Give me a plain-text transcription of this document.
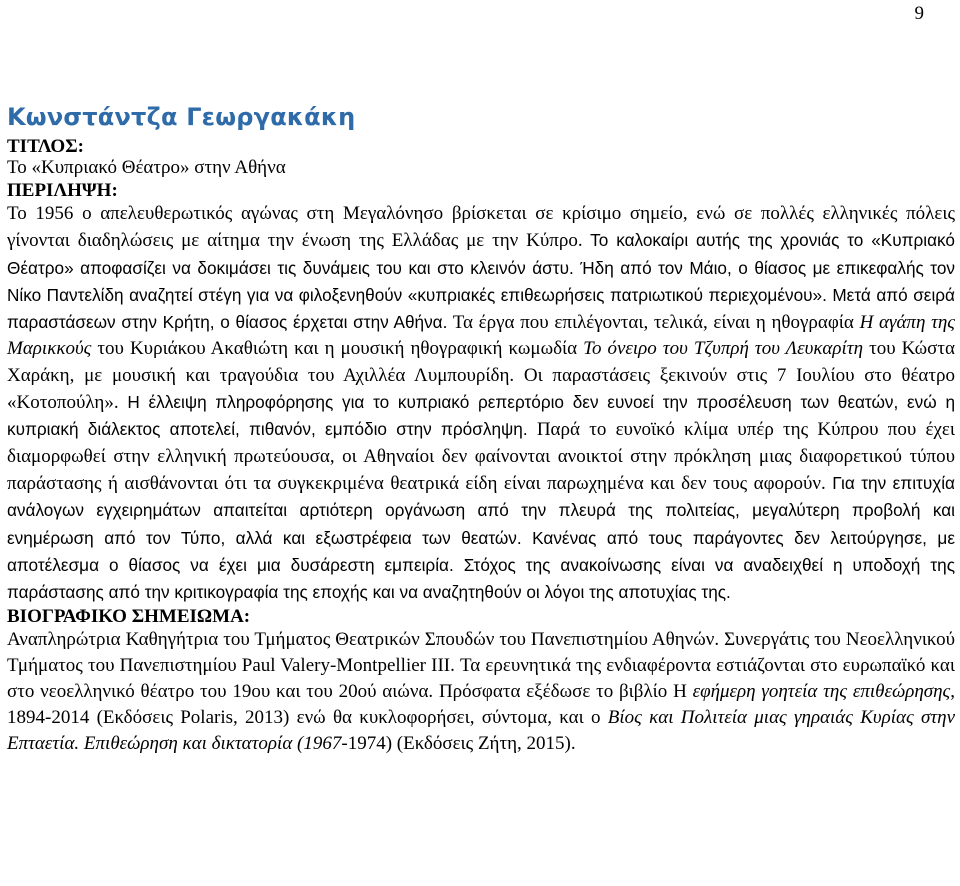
9
Κωνστάντζα Γεωργακάκη

ΤΙΤΛΟΣ:

Το «Κυπριακό Θέατρο» στην Αθήνα

ΠΕΡΙΛΗΨΗ:

Το 1956 ο απελευθερωτικός αγώνας στη Μεγαλόνησο βρίσκεται σε κρίσιμο σημείο, ενώ σε πολλές ελληνικές πόλεις γίνονται διαδηλώσεις με αίτημα την ένωση της Ελλάδας με την Κύπρο. Το καλοκαίρι αυτής της χρονιάς το «Κυπριακό Θέατρο» αποφασίζει να δοκιμάσει τις δυνάμεις του και στο κλεινόν άστυ. Ήδη από τον Μάιο, ο θίασος με επικεφαλής τον Νίκο Παντελίδη αναζητεί στέγη για να φιλοξενηθούν «κυπριακές επιθεωρήσεις πατριωτικού περιεχομένου». Μετά από σειρά παραστάσεων στην Κρήτη, ο θίασος έρχεται στην Αθήνα. Τα έργα που επιλέγονται, τελικά, είναι η ηθογραφία Η αγάπη της Μαρικκούς του Κυριάκου Ακαθιώτη και η μουσική ηθογραφική κωμωδία Το όνειρο του Τζυπρή του Λευκαρίτη του Κώστα Χαράκη, με μουσική και τραγούδια του Αχιλλέα Λυμπουρίδη. Οι παραστάσεις ξεκινούν στις 7 Ιουλίου στο θέατρο «Κοτοπούλη». Η έλλειψη πληροφόρησης για το κυπριακό ρεπερτόριο δεν ευνοεί την προσέλευση των θεατών, ενώ η κυπριακή διάλεκτος αποτελεί, πιθανόν, εμπόδιο στην πρόσληψη. Παρά το ευνοϊκό κλίμα υπέρ της Κύπρου που έχει διαμορφωθεί στην ελληνική πρωτεύουσα, οι Αθηναίοι δεν φαίνονται ανοικτοί στην πρόκληση μιας διαφορετικού τύπου παράστασης ή αισθάνονται ότι τα συγκεκριμένα θεατρικά είδη είναι παρωχημένα και δεν τους αφορούν. Για την επιτυχία ανάλογων εγχειρημάτων απαιτείται αρτιότερη οργάνωση από την πλευρά της πολιτείας, μεγαλύτερη προβολή και ενημέρωση από τον Τύπο, αλλά και εξωστρέφεια των θεατών. Κανένας από τους παράγοντες δεν λειτούργησε, με αποτέλεσμα ο θίασος να έχει μια δυσάρεστη εμπειρία. Στόχος της ανακοίνωσης είναι να αναδειχθεί η υποδοχή της παράστασης από την κριτικογραφία της εποχής και να αναζητηθούν οι λόγοι της αποτυχίας της.

ΒΙΟΓΡΑΦΙΚΟ ΣΗΜΕΙΩΜΑ:

Αναπληρώτρια Καθηγήτρια του Τμήματος Θεατρικών Σπουδών του Πανεπιστημίου Αθηνών. Συνεργάτις του Νεοελληνικού Τμήματος του Πανεπιστημίου Paul Valery-Montpellier III. Τα ερευνητικά της ενδιαφέροντα εστιάζονται στο ευρωπαϊκό και στο νεοελληνικό θέατρο του 19ου και του 20ού αιώνα. Πρόσφατα εξέδωσε το βιβλίο Η εφήμερη γοητεία της επιθεώρησης, 1894-2014 (Εκδόσεις Polaris, 2013) ενώ θα κυκλοφορήσει, σύντομα, και ο Βίος και Πολιτεία μιας γηραιάς Κυρίας στην Επταετία. Επιθεώρηση και δικτατορία (1967-1974) (Εκδόσεις Ζήτη, 2015).
